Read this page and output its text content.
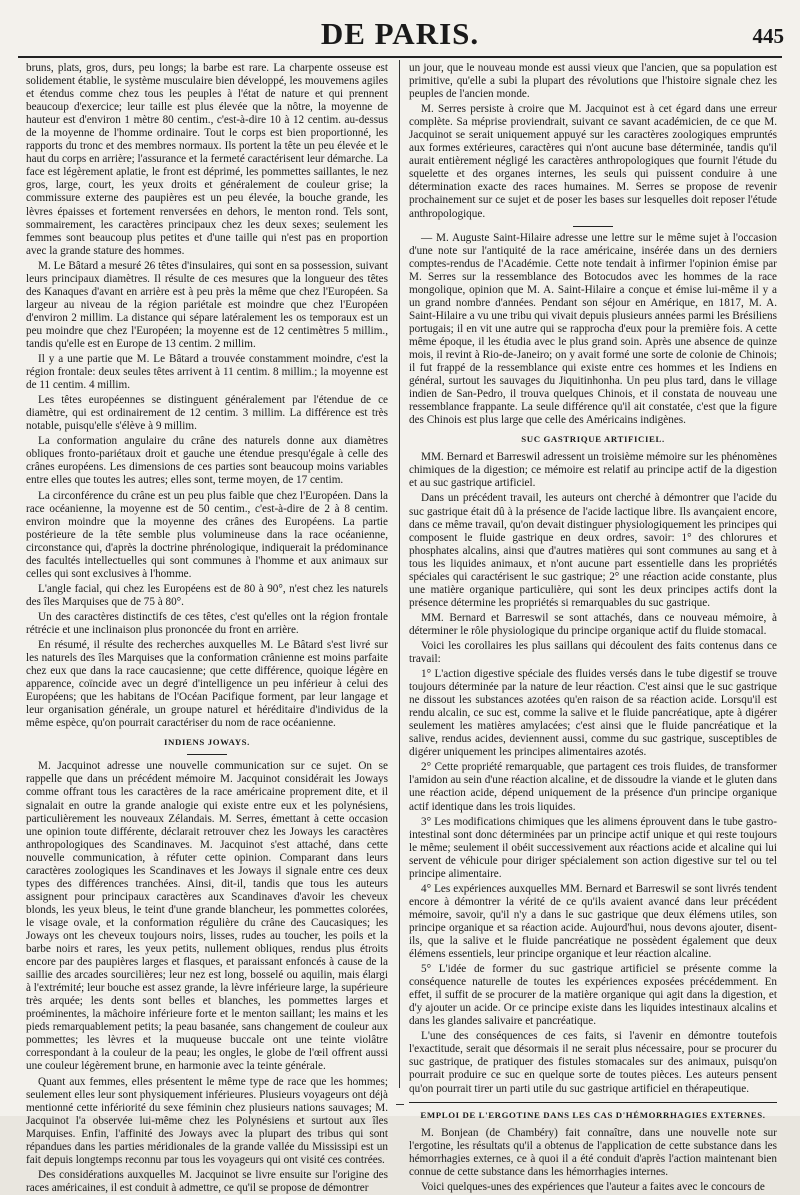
DE PARIS.	445

bruns, plats, gros, durs, peu longs; la barbe est rare. La charpente osseuse est solidement établie, le système musculaire bien développé, les mouvemens agiles et étendus comme chez tous les peuples à l'état de nature et qui prennent beaucoup d'exercice; leur taille est plus élevée que la nôtre, la moyenne de hauteur est d'environ 1 mètre 80 centim., c'est-à-dire 10 à 12 centim. au-dessus de la moyenne de l'homme ordinaire. Tout le corps est bien proportionné, les rapports du tronc et des membres normaux. Ils portent la tête un peu élevée et le haut du corps en arrière; l'assurance et la fermeté caractérisent leur démarche. La face est légèrement aplatie, le front est déprimé, les pommettes saillantes, le nez gros, large, court, les yeux droits et généralement de couleur grise; la commissure externe des paupières est un peu élevée, la bouche grande, les lèvres épaisses et fortement renversées en dehors, le menton rond. Tels sont, sommairement, les caractères principaux chez les deux sexes; seulement les femmes sont beaucoup plus petites et d'une taille qui n'est pas en proportion avec la grande stature des hommes.

M. Le Bâtard a mesuré 26 têtes d'insulaires, qui sont en sa possession, suivant leurs principaux diamètres. Il résulte de ces mesures que la longueur des têtes des Kanaques d'avant en arrière est à peu près la même que chez l'Européen. Sa largeur au niveau de la région pariétale est moindre que chez l'Européen d'environ 2 millim. La distance qui sépare latéralement les os temporaux est un peu moindre que chez l'Européen; la moyenne est de 12 centimètres 5 millim., tandis qu'elle est en Europe de 13 centim. 2 millim.

Il y a une partie que M. Le Bâtard a trouvée constamment moindre, c'est la région frontale: deux seules têtes arrivent à 11 centim. 8 millim.; la moyenne est de 11 centim. 4 millim.

Les têtes européennes se distinguent généralement par l'étendue de ce diamètre, qui est ordinairement de 12 centim. 3 millim. La différence est très notable, puisqu'elle s'élève à 9 millim.

La conformation angulaire du crâne des naturels donne aux diamètres obliques fronto-pariétaux droit et gauche une étendue presqu'égale à celle des crânes européens. Les dimensions de ces parties sont beaucoup moins variables entre elles que toutes les autres; elles sont, terme moyen, de 17 centim.

La circonférence du crâne est un peu plus faible que chez l'Européen. Dans la race océanienne, la moyenne est de 50 centim., c'est-à-dire de 2 à 8 centim. environ moindre que la moyenne des crânes des Européens. La partie postérieure de la tête semble plus volumineuse dans la race océanienne, circonstance qui, d'après la doctrine phrénologique, indiquerait la prédominance des facultés intellectuelles qui sont communes à l'homme et aux animaux sur celles qui sont exclusives à l'homme.

L'angle facial, qui chez les Européens est de 80 à 90°, n'est chez les naturels des îles Marquises que de 75 à 80°.

Un des caractères distinctifs de ces têtes, c'est qu'elles ont la région frontale rétrécie et une inclinaison plus prononcée du front en arrière.

En résumé, il résulte des recherches auxquelles M. Le Bâtard s'est livré sur les naturels des îles Marquises que la conformation crânienne est moins parfaite chez eux que dans la race caucasienne; que cette différence, quoique légère en apparence, coïncide avec un degré d'intelligence un peu inférieur à celui des Européens; que les habitans de l'Océan Pacifique forment, par leur langage et leur organisation générale, un groupe naturel et héréditaire d'individus de la même espèce, qu'on pourrait caractériser du nom de race océanienne.

INDIENS JOWAYS.

M. Jacquinot adresse une nouvelle communication sur ce sujet. On se rappelle que dans un précédent mémoire M. Jacquinot considérait les Joways comme offrant tous les caractères de la race américaine proprement dite, et il signalait en outre la grande analogie qui existe entre eux et les polynésiens, particulièrement les nouveaux Zélandais. M. Serres, émettant à cette occasion une opinion toute différente, déclarait retrouver chez les Joways les caractères anthropologiques des Scandinaves. M. Jacquinot s'est attaché, dans cette nouvelle communication, à réfuter cette opinion. Comparant dans leurs caractères zoologiques les Scandinaves et les Joways il signale entre ces deux types des différences tranchées. Ainsi, dit-il, tandis que tous les auteurs assignent pour principaux caractères aux Scandinaves d'avoir les cheveux blonds, les yeux bleus, le teint d'une grande blancheur, les pommettes colorées, le visage ovale, et la conformation régulière du crâne des Caucasiques; les Joways ont les cheveux toujours noirs, lisses, rudes au toucher, les poils et la barbe noirs et rares, les yeux petits, nullement obliques, rendus plus étroits encore par des paupières larges et flasques, et paraissant enfoncés à cause de la saillie des arcades sourcilières; leur nez est long, bosselé ou aquilin, mais élargi à l'extrémité; leur bouche est assez grande, la lèvre inférieure large, la supérieure très arquée; les dents sont belles et blanches, les pommettes larges et proéminentes, la mâchoire inférieure forte et le menton saillant; les mains et les pieds remarquablement petits; la peau basanée, sans changement de couleur aux pommettes; les lèvres et la muqueuse buccale ont une teinte violâtre correspondant à la couleur de la peau; les ongles, le globe de l'œil offrent aussi une couleur légèrement brune, en harmonie avec la teinte générale.

Quant aux femmes, elles présentent le même type de race que les hommes; seulement elles leur sont physiquement inférieures. Plusieurs voyageurs ont déjà mentionné cette infériorité du sexe féminin chez plusieurs nations sauvages; M. Jacquinot l'a observée lui-même chez les Polynésiens et surtout aux îles Marquises. Enfin, l'affinité des Joways avec la plupart des tribus qui sont répandues dans les parties méridionales de la grande vallée du Mississipi est un fait depuis longtemps reconnu par tous les voyageurs qui ont visité ces contrées.

Des considérations auxquelles M. Jacquinot se livre ensuite sur l'origine des races américaines, il est conduit à admettre, ce qu'il se propose de démontrer

un jour, que le nouveau monde est aussi vieux que l'ancien, que sa population est primitive, qu'elle a subi la plupart des révolutions que l'histoire signale chez les peuples de l'ancien monde.

M. Serres persiste à croire que M. Jacquinot est à cet égard dans une erreur complète. Sa méprise proviendrait, suivant ce savant académicien, de ce que M. Jacquinot se serait uniquement appuyé sur les caractères zoologiques empruntés aux formes extérieures, caractères qui n'ont aucune base déterminée, tandis qu'il aurait entièrement négligé les caractères anthropologiques que fournit l'étude du squelette et des organes internes, les seuls qui puissent conduire à une détermination exacte des races humaines. M. Serres se propose de revenir prochainement sur ce sujet et de poser les bases sur lesquelles doit reposer l'étude anthropologique.

— M. Auguste Saint-Hilaire adresse une lettre sur le même sujet à l'occasion d'une note sur l'antiquité de la race américaine, insérée dans un des derniers comptes-rendus de l'Académie. Cette note tendait à infirmer l'opinion émise par M. Serres sur la ressemblance des Botocudos avec les hommes de la race mongolique, opinion que M. A. Saint-Hilaire a conçue et émise lui-même il y a un grand nombre d'années. Pendant son séjour en Amérique, en 1817, M. A. Saint-Hilaire a vu une tribu qui vivait depuis plusieurs années parmi les Brésiliens portugais; il en vit une autre qui se rapprocha d'eux pour la première fois. A cette même époque, il les étudia avec le plus grand soin. Après une absence de quinze mois, il revint à Rio-de-Janeiro; on y avait formé une sorte de colonie de Chinois; il fut frappé de la ressemblance qui existe entre ces hommes et les Indiens en général, surtout les sauvages du Jiquitinhonha. Un peu plus tard, dans le village indien de San-Pedro, il trouva quelques Chinois, et il constata de nouveau une ressemblance frappante. La seule différence qu'il ait constatée, c'est que la figure des Chinois est plus large que celle des Américains indigènes.

SUC GASTRIQUE ARTIFICIEL.

MM. Bernard et Barreswil adressent un troisième mémoire sur les phénomènes chimiques de la digestion; ce mémoire est relatif au principe actif de la digestion et au suc gastrique artificiel.

Dans un précédent travail, les auteurs ont cherché à démontrer que l'acide du suc gastrique était dû à la présence de l'acide lactique libre. Ils avançaient encore, dans ce même travail, qu'on devait distinguer physiologiquement les principes qui composent le fluide gastrique en deux ordres, savoir: 1° des chlorures et phosphates alcalins, ainsi que d'autres matières qui sont communes au sang et à tous les liquides animaux, et n'ont aucune part essentielle dans les propriétés spéciales qui caractérisent le suc gastrique; 2° une réaction acide constante, plus une matière organique particulière, qui sont les deux principes actifs dont la présence détermine les propriétés si remarquables du suc gastrique.

MM. Bernard et Barreswil se sont attachés, dans ce nouveau mémoire, à déterminer le rôle physiologique du principe organique actif du fluide stomacal.

Voici les corollaires les plus saillans qui découlent des faits contenus dans ce travail:

1° L'action digestive spéciale des fluides versés dans le tube digestif se trouve toujours déterminée par la nature de leur réaction. C'est ainsi que le suc gastrique ne dissout les substances azotées qu'en raison de sa réaction acide. Lorsqu'il est rendu alcalin, ce suc est, comme la salive et le fluide pancréatique, apte à digérer seulement les matières amylacées; c'est ainsi que le fluide pancréatique et la salive, rendus acides, deviennent aussi, comme du suc gastrique, susceptibles de digérer uniquement les principes alimentaires azotés.

2° Cette propriété remarquable, que partagent ces trois fluides, de transformer l'amidon au sein d'une réaction alcaline, et de dissoudre la viande et le gluten dans une réaction acide, dépend uniquement de la présence d'un principe organique actif identique dans les trois liquides.

3° Les modifications chimiques que les alimens éprouvent dans le tube gastro-intestinal sont donc déterminées par un principe actif unique et qui reste toujours le même; seulement il obéit successivement aux réactions acide et alcaline qui lui servent de véhicule pour diriger spécialement son action digestive sur tel ou tel principe alimentaire.

4° Les expériences auxquelles MM. Bernard et Barreswil se sont livrés tendent encore à démontrer la vérité de ce qu'ils avaient avancé dans leur précédent mémoire, savoir, qu'il n'y a dans le suc gastrique que deux élémens utiles, son principe organique et sa réaction acide. Aujourd'hui, nous devons ajouter, disent-ils, que la salive et le fluide pancréatique ne possèdent également que deux élémens essentiels, leur principe organique et leur réaction alcaline.

5° L'idée de former du suc gastrique artificiel se présente comme la conséquence naturelle de toutes les expériences exposées précédemment. En effet, il suffit de se procurer de la matière organique qui agit dans la digestion, et d'y ajouter un acide. Or ce principe existe dans les liquides intestinaux alcalins et dans les glandes salivaire et pancréatique.

L'une des conséquences de ces faits, si l'avenir en démontre toutefois l'exactitude, serait que désormais il ne serait plus nécessaire, pour se procurer du suc gastrique, de pratiquer des fistules stomacales sur des animaux, puisqu'on pourrait produire ce suc en quelque sorte de toutes pièces. Les auteurs pensent qu'on pourrait tirer un parti utile du suc gastrique artificiel en thérapeutique.

EMPLOI DE L'ERGOTINE DANS LES CAS D'HÉMORRHAGIES EXTERNES.

M. Bonjean (de Chambéry) fait connaître, dans une nouvelle note sur l'ergotine, les résultats qu'il a obtenus de l'application de cette substance dans les hémorrhagies externes, ce à quoi il a été conduit d'après l'action maintenant bien connue de cette substance dans les hémorrhagies internes.

Voici quelques-unes des expériences que l'auteur a faites avec le concours de
